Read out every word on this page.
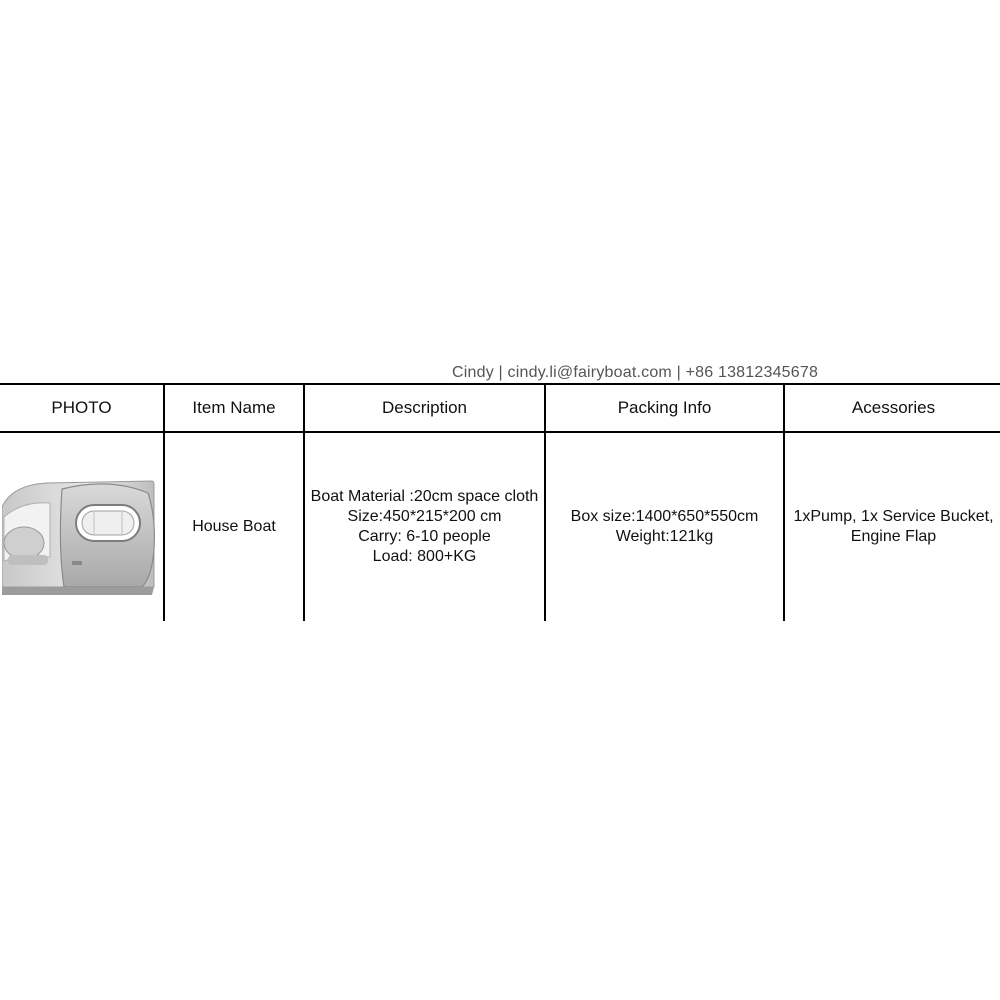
Cindy | cindy.li@fairyboat.com | +86 13812345678
PHOTO	Item Name	Description	Packing Info	Acessories

	House Boat	Boat Material :20cm space cloth
Size:450*215*200 cm
Carry: 6-10 people
Load: 800+KG	Box size:1400*650*550cm
Weight:121kg	1xPump, 1x Service Bucket,
Engine Flap
